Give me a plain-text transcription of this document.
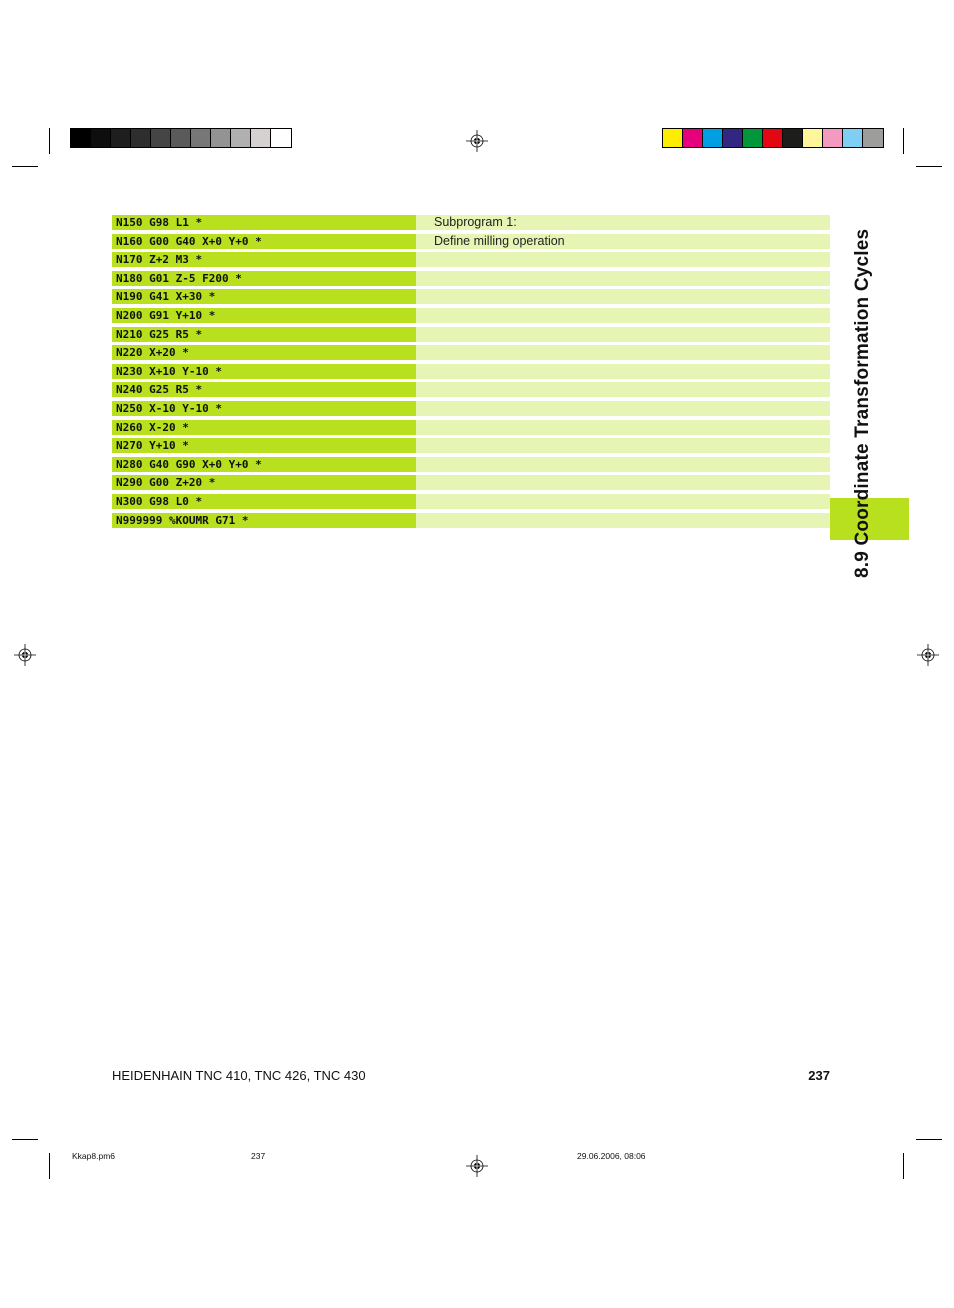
N150 G98 L1 *	Subprogram 1:
N160 G00 G40 X+0 Y+0 *	Define milling operation
N170 Z+2 M3 *
N180 G01 Z-5 F200 *
N190 G41 X+30 *
N200 G91 Y+10 *
N210 G25 R5 *
N220 X+20 *
N230 X+10 Y-10 *
N240 G25 R5 *
N250 X-10 Y-10 *
N260 X-20 *
N270 Y+10 *
N280 G40 G90 X+0 Y+0 *
N290 G00 Z+20 *
N300 G98 L0 *
N999999 %KOUMR G71 *	8.9 Coordinate Transformation Cycles
HEIDENHAIN TNC 410, TNC 426, TNC 430	237
Kkap8.pm6	237	29.06.2006, 08:06
